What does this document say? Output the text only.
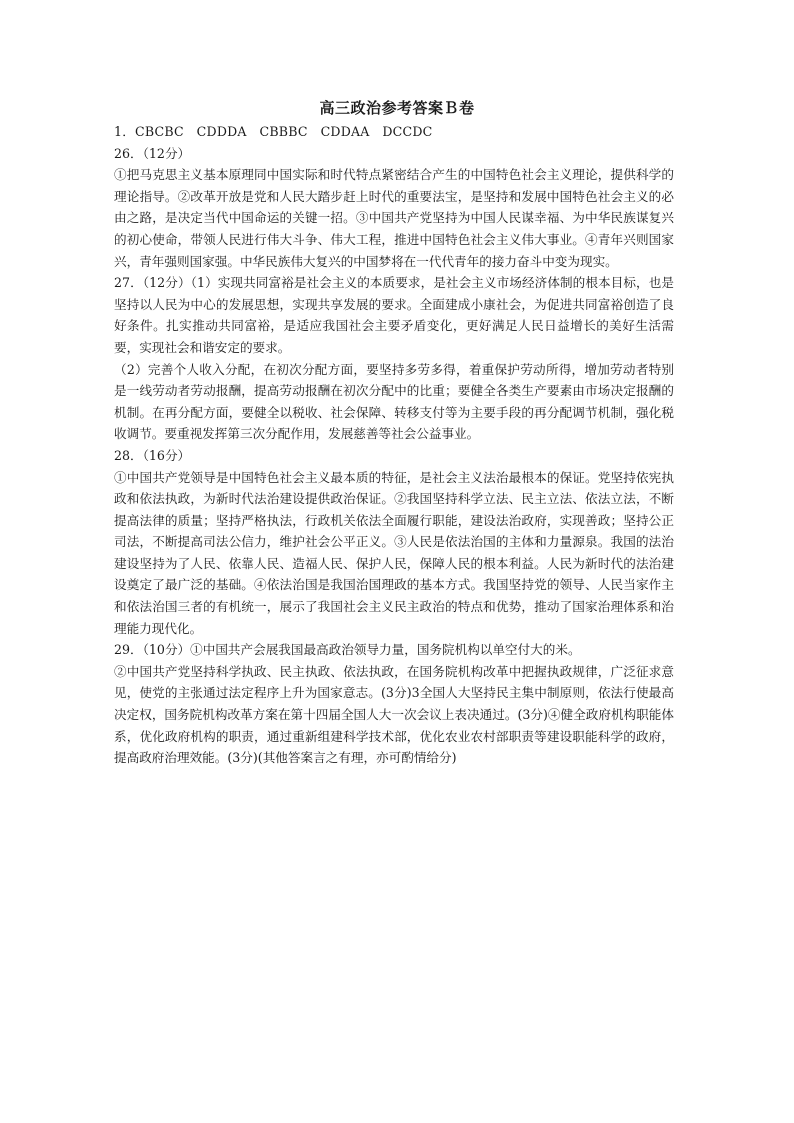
高三政治参考答案Ｂ卷

1．CBCBC　CDDDA　CBBBC　CDDAA　DCCDC

26．（12分）

①把马克思主义基本原理同中国实际和时代特点紧密结合产生的中国特色社会主义理论，提供科学的理论指导。②改革开放是党和人民大踏步赶上时代的重要法宝，是坚持和发展中国特色社会主义的必由之路，是决定当代中国命运的关键一招。③中国共产党坚持为中国人民谋幸福、为中华民族谋复兴的初心使命，带领人民进行伟大斗争、伟大工程，推进中国特色社会主义伟大事业。④青年兴则国家兴，青年强则国家强。中华民族伟大复兴的中国梦将在一代代青年的接力奋斗中变为现实。

27．（12分）（1）实现共同富裕是社会主义的本质要求，是社会主义市场经济体制的根本目标，也是坚持以人民为中心的发展思想，实现共享发展的要求。全面建成小康社会，为促进共同富裕创造了良好条件。扎实推动共同富裕，是适应我国社会主要矛盾变化，更好满足人民日益增长的美好生活需要，实现社会和谐安定的要求。

（2）完善个人收入分配，在初次分配方面，要坚持多劳多得，着重保护劳动所得，增加劳动者特别是一线劳动者劳动报酬，提高劳动报酬在初次分配中的比重；要健全各类生产要素由市场决定报酬的机制。在再分配方面，要健全以税收、社会保障、转移支付等为主要手段的再分配调节机制，强化税收调节。要重视发挥第三次分配作用，发展慈善等社会公益事业。

28．（16分）

①中国共产党领导是中国特色社会主义最本质的特征，是社会主义法治最根本的保证。党坚持依宪执政和依法执政，为新时代法治建设提供政治保证。②我国坚持科学立法、民主立法、依法立法，不断提高法律的质量；坚持严格执法，行政机关依法全面履行职能，建设法治政府，实现善政；坚持公正司法，不断提高司法公信力，维护社会公平正义。③人民是依法治国的主体和力量源泉。我国的法治建设坚持为了人民、依靠人民、造福人民、保护人民，保障人民的根本利益。人民为新时代的法治建设奠定了最广泛的基础。④依法治国是我国治国理政的基本方式。我国坚持党的领导、人民当家作主和依法治国三者的有机统一，展示了我国社会主义民主政治的特点和优势，推动了国家治理体系和治理能力现代化。

29．（10分）①中国共产会展我国最高政治领导力量，国务院机构以单空付大的米。

②中国共产党坚持科学执政、民主执政、依法执政，在国务院机构改革中把握执政规律，广泛征求意见，使党的主张通过法定程序上升为国家意志。(3分)3全国人大坚持民主集中制原则，依法行使最高决定权，国务院机构改革方案在第十四届全国人大一次会议上表决通过。(3分)④健全政府机构职能体系，优化政府机构的职责，通过重新组建科学技术部，优化农业农村部职责等建设职能科学的政府，提高政府治理效能。(3分)(其他答案言之有理，亦可酌情给分)
